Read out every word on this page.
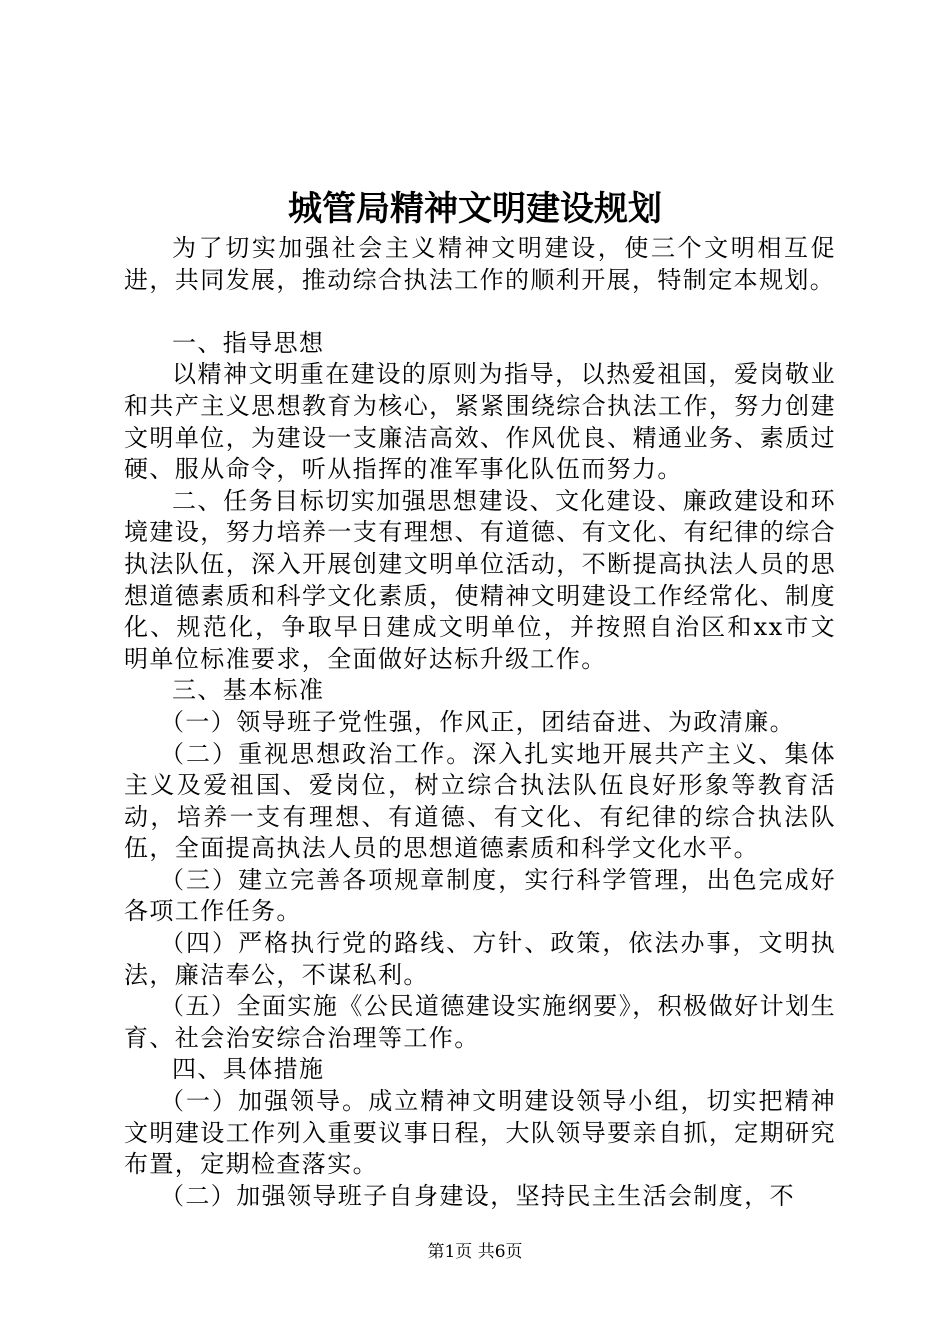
城管局精神文明建设规划

为了切实加强社会主义精神文明建设，使三个文明相互促进，共同发展，推动综合执法工作的顺利开展，特制定本规划。

一、指导思想

以精神文明重在建设的原则为指导，以热爱祖国，爱岗敬业和共产主义思想教育为核心，紧紧围绕综合执法工作，努力创建文明单位，为建设一支廉洁高效、作风优良、精通业务、素质过硬、服从命令，听从指挥的准军事化队伍而努力。

二、任务目标切实加强思想建设、文化建设、廉政建设和环境建设，努力培养一支有理想、有道德、有文化、有纪律的综合执法队伍，深入开展创建文明单位活动，不断提高执法人员的思想道德素质和科学文化素质，使精神文明建设工作经常化、制度化、规范化，争取早日建成文明单位，并按照自治区和xx市文明单位标准要求，全面做好达标升级工作。

三、基本标准

（一）领导班子党性强，作风正，团结奋进、为政清廉。

（二）重视思想政治工作。深入扎实地开展共产主义、集体主义及爱祖国、爱岗位，树立综合执法队伍良好形象等教育活动，培养一支有理想、有道德、有文化、有纪律的综合执法队伍，全面提高执法人员的思想道德素质和科学文化水平。

（三）建立完善各项规章制度，实行科学管理，出色完成好各项工作任务。

（四）严格执行党的路线、方针、政策，依法办事，文明执法，廉洁奉公，不谋私利。

（五）全面实施《公民道德建设实施纲要》，积极做好计划生育、社会治安综合治理等工作。

四、具体措施

（一）加强领导。成立精神文明建设领导小组，切实把精神文明建设工作列入重要议事日程，大队领导要亲自抓，定期研究布置，定期检查落实。

（二）加强领导班子自身建设，坚持民主生活会制度，不

第1页 共6页
